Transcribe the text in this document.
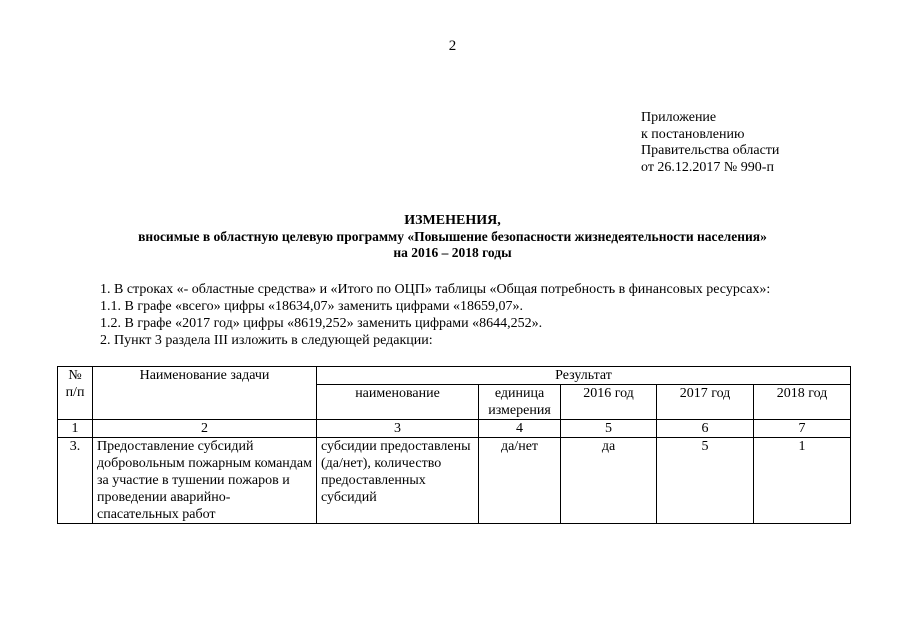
2
Приложение
к постановлению
Правительства области
от 26.12.2017 № 990-п
ИЗМЕНЕНИЯ,
вносимые в областную целевую программу «Повышение безопасности жизнедеятельности населения»
на 2016 – 2018 годы
1. В строках «- областные средства» и «Итого по ОЦП» таблицы «Общая потребность в финансовых ресурсах»:
1.1. В графе «всего» цифры «18634,07» заменить цифрами «18659,07».
1.2. В графе «2017 год» цифры «8619,252» заменить цифрами «8644,252».
2. Пункт 3 раздела III изложить в следующей редакции:
№ п/п	Наименование задачи	Результат				
		наименование	единица измерения	2016 год	2017 год	2018 год
1	2	3	4	5	6	7
3.	Предоставление субсидий добровольным пожарным командам за участие в тушении пожаров и проведении аварийно-спасательных работ	субсидии предоставлены (да/нет), количество предоставленных субсидий	да/нет	да	5	1
